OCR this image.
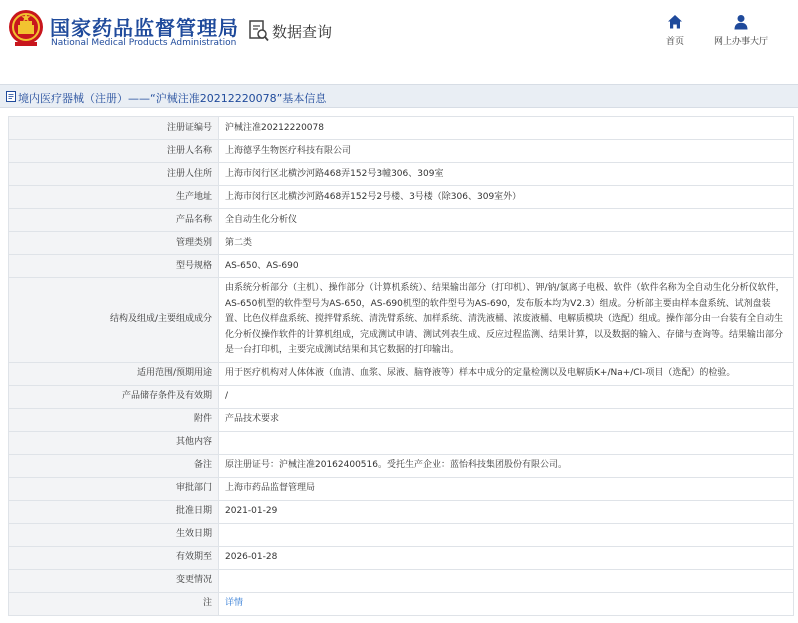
国家药品监督管理局
National Medical Products Administration
数据查询
首页	网上办事大厅
境内医疗器械（注册）——“沪械注准20212220078”基本信息
注册证编号	沪械注准20212220078
注册人名称	上海德孚生物医疗科技有限公司
注册人住所	上海市闵行区北横沙河路468弄152号3幢306、309室
生产地址	上海市闵行区北横沙河路468弄152号2号楼、3号楼（除306、309室外）
产品名称	全自动生化分析仪
管理类别	第二类
型号规格	AS-650、AS-690
结构及组成/主要组成成分	由系统分析部分（主机）、操作部分（计算机系统）、结果输出部分（打印机）、钾/钠/氯离子电极、软件（软件名称为全自动生化分析仪软件，AS-650机型的软件型号为AS-650，AS-690机型的软件型号为AS-690，发布版本均为V2.3）组成。分析部主要由样本盘系统、试剂盘装置、比色仪样盘系统、搅拌臂系统、清洗臂系统、加样系统、清洗液桶、浓废液桶、电解质模块（选配）组成。操作部分由一台装有全自动生化分析仪操作软件的计算机组成，完成测试申请、测试列表生成、反应过程监测、结果计算，以及数据的输入、存储与查询等。结果输出部分是一台打印机，主要完成测试结果和其它数据的打印输出。
适用范围/预期用途	用于医疗机构对人体体液（血清、血浆、尿液、脑脊液等）样本中成分的定量检测以及电解质K+/Na+/Cl-项目（选配）的检验。
产品储存条件及有效期	/
附件	产品技术要求
其他内容	
备注	原注册证号：沪械注准20162400516。受托生产企业：蓝怡科技集团股份有限公司。
审批部门	上海市药品监督管理局
批准日期	2021-01-29
生效日期	
有效期至	2026-01-28
变更情况	
注	详情
